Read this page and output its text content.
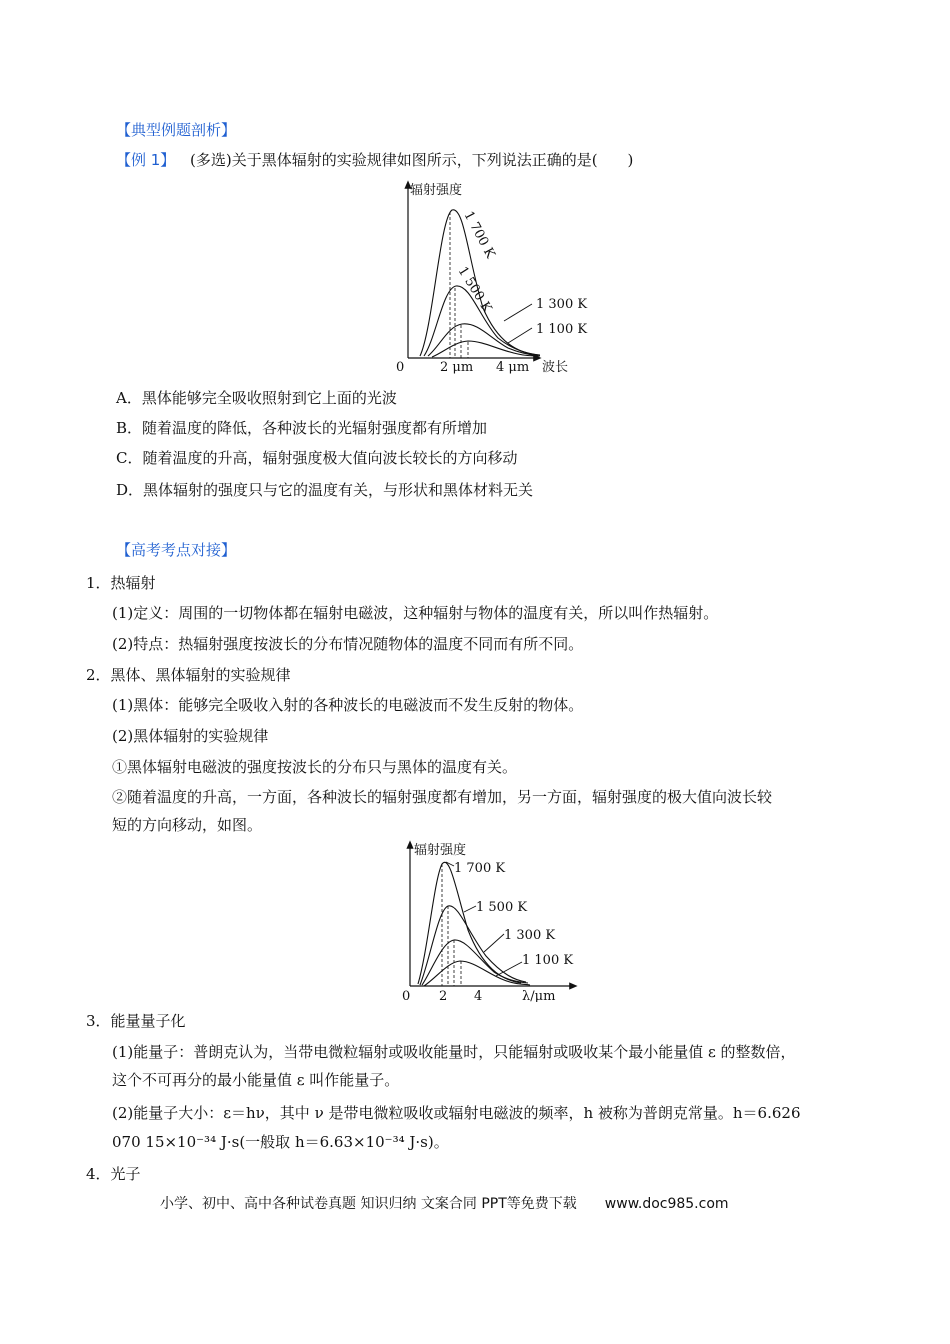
【典型例题剖析】
【例 1】 (多选)关于黑体辐射的实验规律如图所示，下列说法正确的是(　　)
辐射强度
0	2 μm 4 μm 波长
1 700 K
1 500 K	1 300 K
1 100 K
A．黑体能够完全吸收照射到它上面的光波
B．随着温度的降低，各种波长的光辐射强度都有所增加
C．随着温度的升高，辐射强度极大值向波长较长的方向移动
D．黑体辐射的强度只与它的温度有关，与形状和黑体材料无关
【高考考点对接】
1．热辐射
(1)定义：周围的一切物体都在辐射电磁波，这种辐射与物体的温度有关，所以叫作热辐射。
(2)特点：热辐射强度按波长的分布情况随物体的温度不同而有所不同。
2．黑体、黑体辐射的实验规律
(1)黑体：能够完全吸收入射的各种波长的电磁波而不发生反射的物体。
(2)黑体辐射的实验规律
①黑体辐射电磁波的强度按波长的分布只与黑体的温度有关。
②随着温度的升高，一方面，各种波长的辐射强度都有增加，另一方面，辐射强度的极大值向波长较
短的方向移动，如图。
辐射强度
0 2 4	λ/μm
1 700 K
1 500 K
1 300 K
1 100 K
3．能量量子化
(1)能量子：普朗克认为，当带电微粒辐射或吸收能量时，只能辐射或吸收某个最小能量值 ε 的整数倍，
这个不可再分的最小能量值 ε 叫作能量子。
(2)能量子大小：ε＝hν，其中 ν 是带电微粒吸收或辐射电磁波的频率，h 被称为普朗克常量。h＝6.626
070 15×10⁻³⁴ J·s(一般取 h＝6.63×10⁻³⁴ J·s)。
4．光子
小学、初中、高中各种试卷真题 知识归纳 文案合同 PPT等免费下载 www.doc985.com
